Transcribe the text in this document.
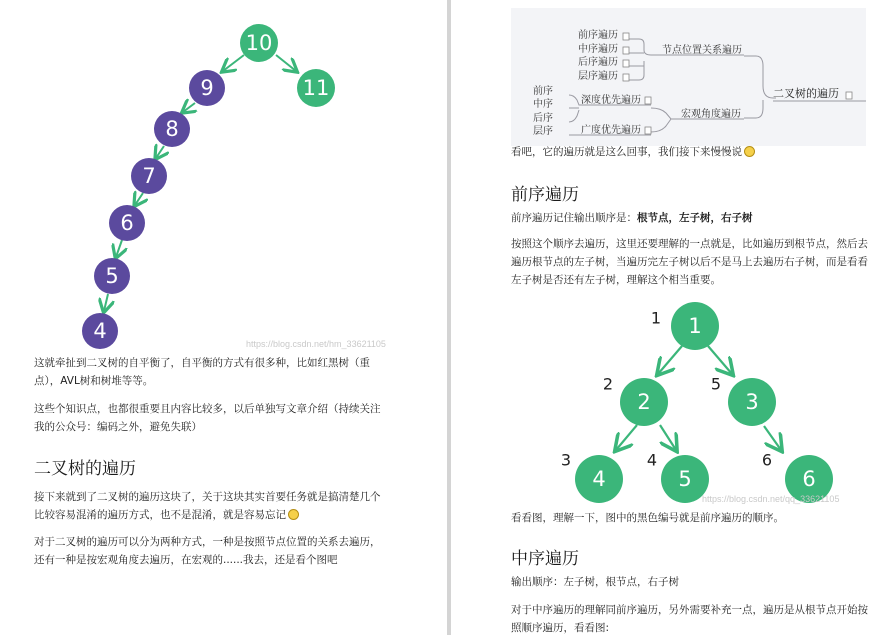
10
9	11
8
7
6
5
4
https://blog.csdn.net/hm_33621105
这就牵扯到二叉树的自平衡了，自平衡的方式有很多种，比如红黑树（重点），AVL树和树堆等等。
这些个知识点，也都很重要且内容比较多，以后单独写文章介绍（持续关注我的公众号：编码之外，避免失联）
二叉树的遍历
接下来就到了二叉树的遍历这块了，关于这块其实首要任务就是搞清楚几个比较容易混淆的遍历方式，也不是混淆，就是容易忘记
对于二叉树的遍历可以分为两种方式，一种是按照节点位置的关系去遍历，还有一种是按宏观角度去遍历，在宏观的......我去，还是看个图吧
前序遍历
中序遍历
后序遍历
层序遍历
节点位置关系遍历
前序
中序
后序
层序
深度优先遍历
广度优先遍历
宏观角度遍历
二叉树的遍历
看吧，它的遍历就是这么回事，我们接下来慢慢说
前序遍历
前序遍历记住输出顺序是：根节点，左子树，右子树
按照这个顺序去遍历，这里还要理解的一点就是，比如遍历到根节点，然后去遍历根节点的左子树，当遍历完左子树以后不是马上去遍历右子树，而是看看左子树是否还有左子树，理解这个相当重要。
1
2	3
4	5	6
1
2	5
3	4	6
https://blog.csdn.net/qq_33621105
看看图，理解一下，图中的黑色编号就是前序遍历的顺序。
中序遍历
输出顺序：左子树，根节点，右子树
对于中序遍历的理解同前序遍历，另外需要补充一点，遍历是从根节点开始按照顺序遍历，看看图:
